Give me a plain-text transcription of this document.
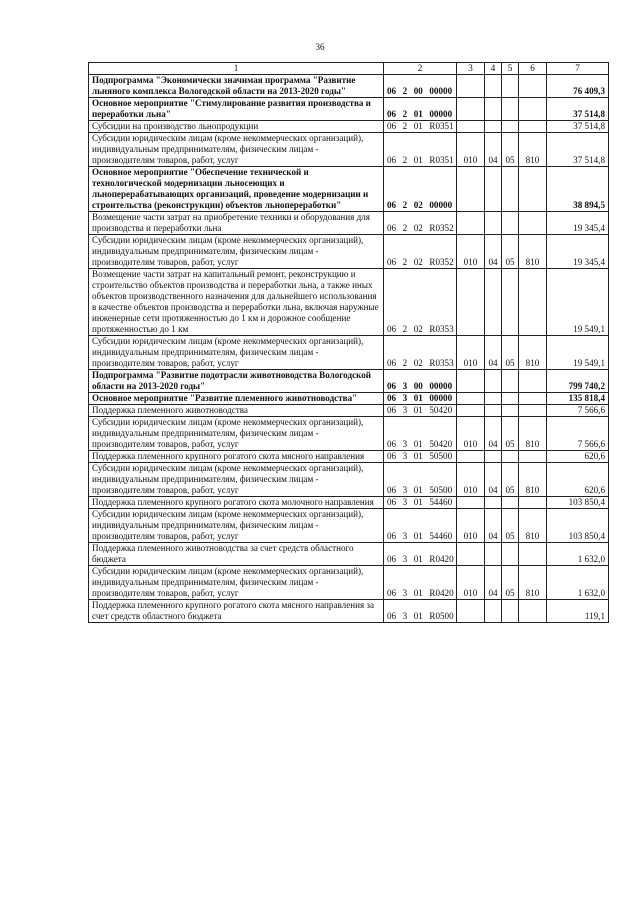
36
1	2	3	4	5	6	7
Подпрограмма "Экономически значимая программа "Развитие льняного комплекса Вологодской области на 2013-2020 годы"	06  2  00  00000					76 409,3
Основное мероприятие "Стимулирование развития производства и переработки льна"	06  2  01  00000					37 514,8
Субсидии на производство льнопродукции	06  2  01  R0351					37 514,8
Субсидии юридическим лицам (кроме некоммерческих организаций), индивидуальным предпринимателям, физическим лицам - производителям товаров, работ, услуг	06  2  01  R0351	010	04	05	810	37 514,8
Основное мероприятие "Обеспечение технической и технологической модернизации льносеющих и льноперерабатывающих организаций, проведение модернизации и строительства (реконструкции) объектов льнопереработки"	06  2  02  00000					38 894,5
Возмещение части затрат на приобретение техники и оборудования для производства и переработки льна	06  2  02  R0352					19 345,4
Субсидии юридическим лицам (кроме некоммерческих организаций), индивидуальным предпринимателям, физическим лицам - производителям товаров, работ, услуг	06  2  02  R0352	010	04	05	810	19 345,4
Возмещение части затрат на капитальный ремонт, реконструкцию и строительство объектов производства и переработки льна, а также иных объектов производственного назначения для дальнейшего использования в качестве объектов производства и переработки льна, включая наружные инженерные сети протяженностью до 1 км и дорожное сообщение протяженностью до 1 км	06  2  02  R0353					19 549,1
Субсидии юридическим лицам (кроме некоммерческих организаций), индивидуальным предпринимателям, физическим лицам - производителям товаров, работ, услуг	06  2  02  R0353	010	04	05	810	19 549,1
Подпрограмма "Развитие подотрасли животноводства Вологодской области на 2013-2020 годы"	06  3  00  00000					799 740,2
Основное мероприятие "Развитие племенного животноводства"	06  3  01  00000					135 818,4
Поддержка племенного животноводства	06  3  01  50420					7 566,6
Субсидии юридическим лицам (кроме некоммерческих организаций), индивидуальным предпринимателям, физическим лицам - производителям товаров, работ, услуг	06  3  01  50420	010	04	05	810	7 566,6
Поддержка племенного крупного рогатого скота мясного направления	06  3  01  50500					620,6
Субсидии юридическим лицам (кроме некоммерческих организаций), индивидуальным предпринимателям, физическим лицам - производителям товаров, работ, услуг	06  3  01  50500	010	04	05	810	620,6
Поддержка племенного крупного рогатого скота молочного направления	06  3  01  54460					103 850,4
Субсидии юридическим лицам (кроме некоммерческих организаций), индивидуальным предпринимателям, физическим лицам - производителям товаров, работ, услуг	06  3  01  54460	010	04	05	810	103 850,4
Поддержка племенного животноводства за счет средств областного бюджета	06  3  01  R0420					1 632,0
Субсидии юридическим лицам (кроме некоммерческих организаций), индивидуальным предпринимателям, физическим лицам - производителям товаров, работ, услуг	06  3  01  R0420	010	04	05	810	1 632,0
Поддержка племенного крупного рогатого скота мясного направления за счет средств областного бюджета	06  3  01  R0500					119,1
